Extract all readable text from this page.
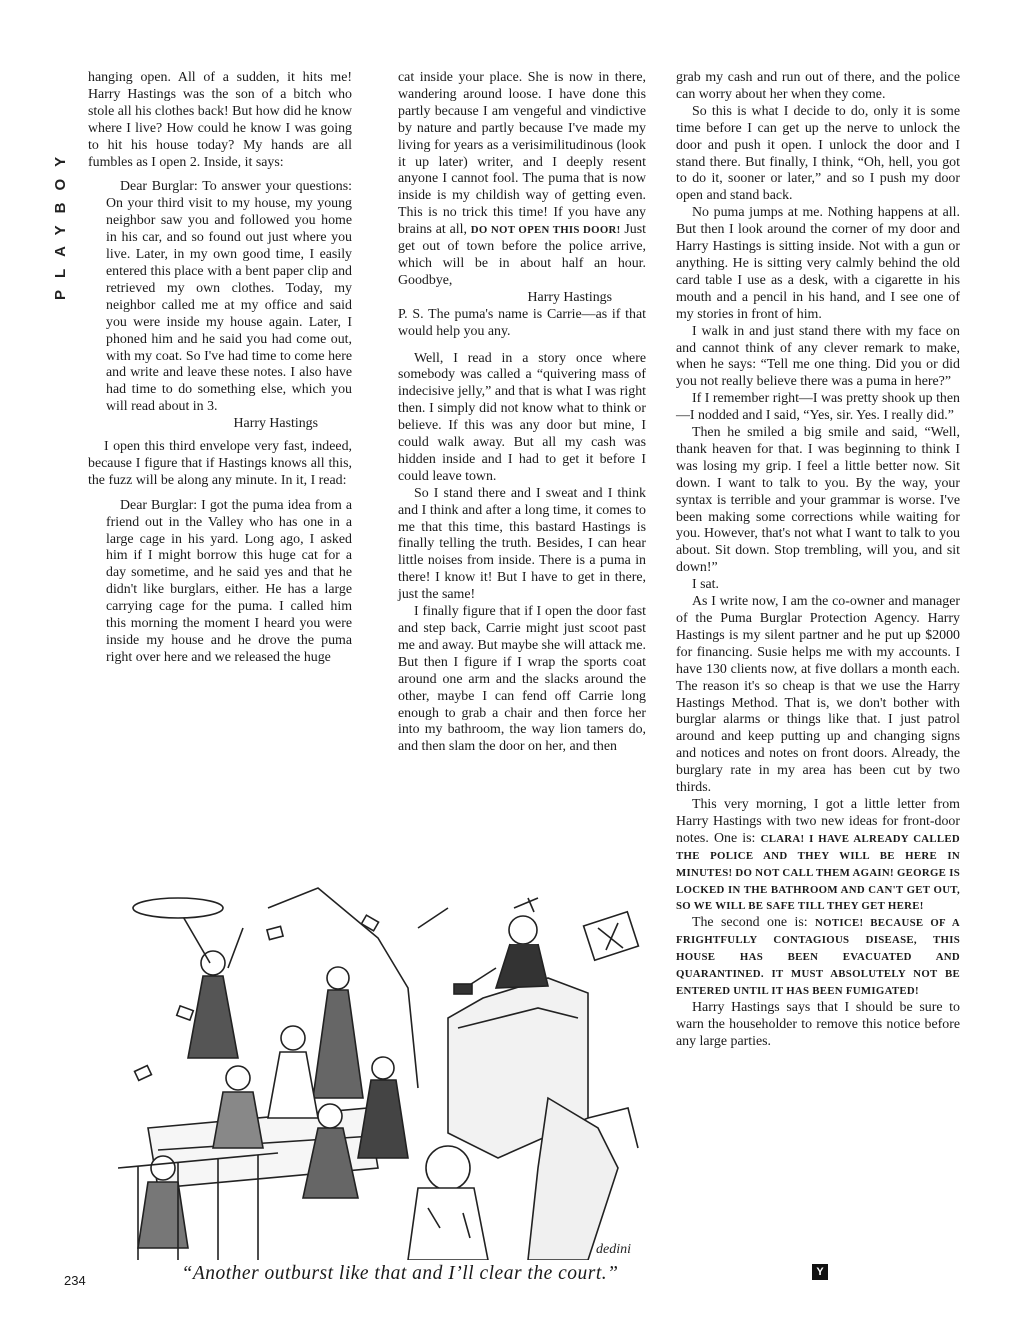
PLAYBOY

hanging open. All of a sudden, it hits me! Harry Hastings was the son of a bitch who stole all his clothes back! But how did he know where I live? How could he know I was going to hit his house today? My hands are all fumbles as I open 2. Inside, it says:

Dear Burglar: To answer your questions: On your third visit to my house, my young neighbor saw you and followed you home in his car, and so found out just where you live. Later, in my own good time, I easily entered this place with a bent paper clip and retrieved my own clothes. Today, my neighbor called me at my office and said you were inside my house again. Later, I phoned him and he said you had come out, with my coat. So I've had time to come here and write and leave these notes. I also have had time to do something else, which you will read about in 3.

Harry Hastings

I open this third envelope very fast, indeed, because I figure that if Hastings knows all this, the fuzz will be along any minute. In it, I read:

Dear Burglar: I got the puma idea from a friend out in the Valley who has one in a large cage in his yard. Long ago, I asked him if I might borrow this huge cat for a day sometime, and he said yes and that he didn't like burglars, either. He has a large carrying cage for the puma. I called him this morning the moment I heard you were inside my house and he drove the puma right over here and we released the huge

cat inside your place. She is now in there, wandering around loose. I have done this partly because I am vengeful and vindictive by nature and partly because I've made my living for years as a verisimilitudinous (look it up later) writer, and I deeply resent anyone I cannot fool. The puma that is now inside is my childish way of getting even. This is no trick this time! If you have any brains at all, DO NOT OPEN THIS DOOR! Just get out of town before the police arrive, which will be in about half an hour. Goodbye,

Harry Hastings

P. S. The puma's name is Carrie—as if that would help you any.

Well, I read in a story once where somebody was called a “quivering mass of indecisive jelly,” and that is what I was right then. I simply did not know what to think or believe. If this was any door but mine, I could walk away. But all my cash was hidden inside and I had to get it before I could leave town.

So I stand there and I sweat and I think and I think and after a long time, it comes to me that this time, this bastard Hastings is finally telling the truth. Besides, I can hear little noises from inside. There is a puma in there! I know it! But I have to get in there, just the same!

I finally figure that if I open the door fast and step back, Carrie might just scoot past me and away. But maybe she will attack me. But then I figure if I wrap the sports coat around one arm and the slacks around the other, maybe I can fend off Carrie long enough to grab a chair and then force her into my bathroom, the way lion tamers do, and then slam the door on her, and then

grab my cash and run out of there, and the police can worry about her when they come.

So this is what I decide to do, only it is some time before I can get up the nerve to unlock the door and push it open. I unlock the door and I stand there. But finally, I think, “Oh, hell, you got to do it, sooner or later,” and so I push my door open and stand back.

No puma jumps at me. Nothing happens at all. But then I look around the corner of my door and Harry Hastings is sitting inside. Not with a gun or anything. He is sitting very calmly behind the old card table I use as a desk, with a cigarette in his mouth and a pencil in his hand, and I see one of my stories in front of him.

I walk in and just stand there with my face on and cannot think of any clever remark to make, when he says: “Tell me one thing. Did you or did you not really believe there was a puma in here?”

If I remember right—I was pretty shook up then—I nodded and I said, “Yes, sir. Yes. I really did.”

Then he smiled a big smile and said, “Well, thank heaven for that. I was beginning to think I was losing my grip. I feel a little better now. Sit down. I want to talk to you. By the way, your syntax is terrible and your grammar is worse. I've been making some corrections while waiting for you. However, that's not what I want to talk to you about. Sit down. Stop trembling, will you, and sit down!”

I sat.

As I write now, I am the co-owner and manager of the Puma Burglar Protection Agency. Harry Hastings is my silent partner and he put up $2000 for financing. Susie helps me with my accounts. I have 130 clients now, at five dollars a month each. The reason it's so cheap is that we use the Harry Hastings Method. That is, we don't bother with burglar alarms or things like that. I just patrol around and keep putting up and changing signs and notices and notes on front doors. Already, the burglary rate in my area has been cut by two thirds.

This very morning, I got a little letter from Harry Hastings with two new ideas for front-door notes. One is: CLARA! I HAVE ALREADY CALLED THE POLICE AND THEY WILL BE HERE IN MINUTES! DO NOT CALL THEM AGAIN! GEORGE IS LOCKED IN THE BATHROOM AND CAN'T GET OUT, SO WE WILL BE SAFE TILL THEY GET HERE!

The second one is: NOTICE! BECAUSE OF A FRIGHTFULLY CONTAGIOUS DISEASE, THIS HOUSE HAS BEEN EVACUATED AND QUARANTINED. IT MUST ABSOLUTELY NOT BE ENTERED UNTIL IT HAS BEEN FUMIGATED!

Harry Hastings says that I should be sure to warn the householder to remove this notice before any large parties.

dedini
234	“Another outburst like that and I’ll clear the court.”	Y
